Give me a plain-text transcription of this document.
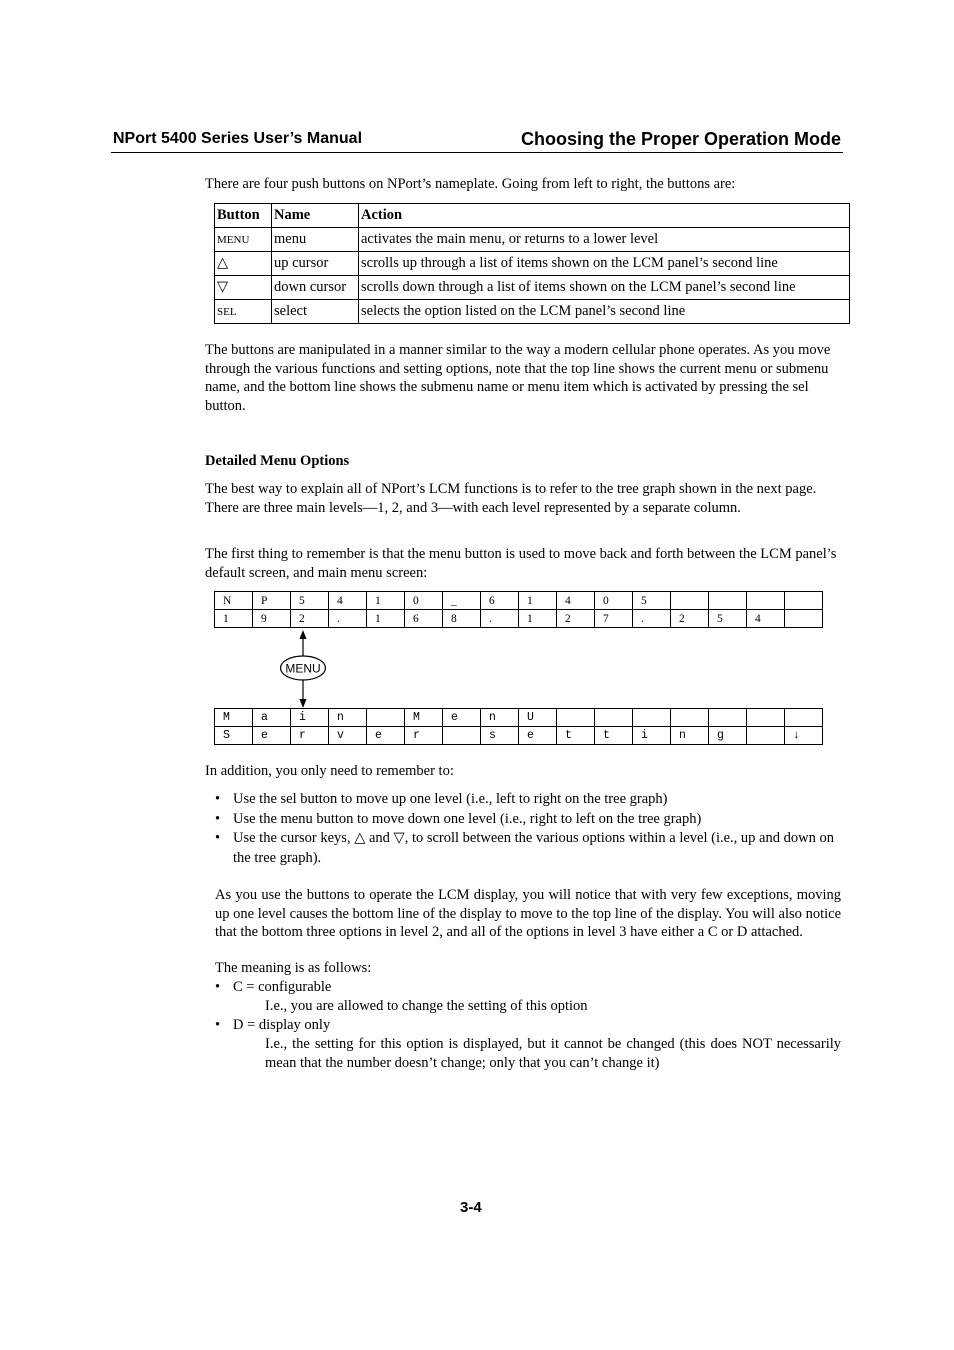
NPort 5400 Series User’s Manual	Choosing the Proper Operation Mode

There are four push buttons on NPort’s nameplate. Going from left to right, the buttons are:

Button	Name	Action
MENU	menu	activates the main menu, or returns to a lower level
△	up cursor	scrolls up through a list of items shown on the LCM panel’s second line
▽	down cursor	scrolls down through a list of items shown on the LCM panel’s second line
SEL	select	selects the option listed on the LCM panel’s second line

The buttons are manipulated in a manner similar to the way a modern cellular phone operates. As you move through the various functions and setting options, note that the top line shows the current menu or submenu name, and the bottom line shows the submenu name or menu item which is activated by pressing the sel button.

Detailed Menu Options

The best way to explain all of NPort’s LCM functions is to refer to the tree graph shown in the next page. There are three main levels—1, 2, and 3—with each level represented by a separate column.

The first thing to remember is that the menu button is used to move back and forth between the LCM panel’s default screen, and main menu screen:

N	P	5	4	1	0	_	6	1	4	0	5				
1	9	2	.	1	6	8	.	1	2	7	.	2	5	4	
MENU
M	a	i	n		M	e	n	U							
S	e	r	v	e	r		s	e	t	t	i	n	g		↓

In addition, you only need to remember to:

• Use the sel button to move up one level (i.e., left to right on the tree graph)
• Use the menu button to move down one level (i.e., right to left on the tree graph)
• Use the cursor keys, △ and ▽, to scroll between the various options within a level (i.e., up and down on the tree graph).

As you use the buttons to operate the LCM display, you will notice that with very few exceptions, moving up one level causes the bottom line of the display to move to the top line of the display. You will also notice that the bottom three options in level 2, and all of the options in level 3 have either a C or D attached.

The meaning is as follows:

• C = configurable

I.e., you are allowed to change the setting of this option

• D = display only

I.e., the setting for this option is displayed, but it cannot be changed (this does NOT necessarily mean that the number doesn’t change; only that you can’t change it)

3-4
